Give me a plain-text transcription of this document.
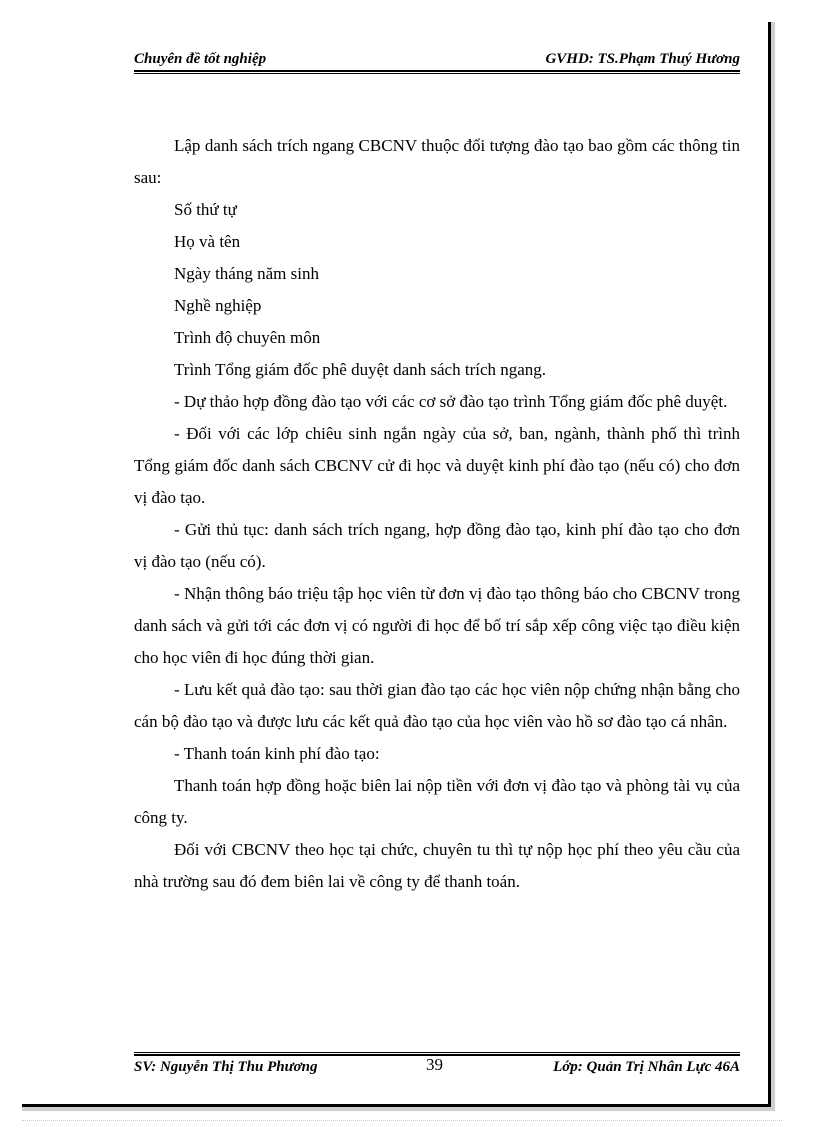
Chuyên đề tốt nghiệp	GVHD: TS.Phạm Thuý Hương

Lập danh sách trích ngang CBCNV thuộc đối tượng đào tạo bao gồm các thông tin sau:

Số thứ tự

Họ và tên

Ngày tháng năm sinh

Nghề nghiệp

Trình độ chuyên môn

Trình Tổng giám đốc phê duyệt danh sách trích ngang.

- Dự thảo hợp đồng đào tạo với các cơ sở đào tạo trình Tổng giám đốc phê duyệt.

- Đối với các lớp chiêu sinh ngắn ngày của sở, ban, ngành, thành phố thì trình Tổng giám đốc danh sách CBCNV cử đi học và duyệt kinh phí đào tạo (nếu có) cho đơn vị đào tạo.

- Gửi thủ tục: danh sách trích ngang, hợp đồng đào tạo, kinh phí đào tạo cho đơn vị đào tạo (nếu có).

- Nhận thông báo triệu tập học viên từ đơn vị đào tạo thông báo cho CBCNV trong danh sách và gửi tới các đơn vị có người đi học để bố trí sắp xếp công việc tạo điều kiện cho học viên đi học đúng thời gian.

- Lưu kết quả đào tạo: sau thời gian đào tạo các học viên nộp chứng nhận bằng cho cán bộ đào tạo và được lưu các kết quả đào tạo của học viên vào hồ sơ đào tạo cá nhân.

- Thanh toán kinh phí đào tạo:

Thanh toán hợp đồng hoặc biên lai nộp tiền với đơn vị đào tạo và phòng tài vụ của công ty.

Đối với CBCNV theo học tại chức, chuyên tu thì tự nộp học phí theo yêu cầu của nhà trường sau đó đem biên lai về công ty để thanh toán.

SV: Nguyễn Thị Thu Phương	39	Lớp: Quản Trị Nhân Lực 46A
